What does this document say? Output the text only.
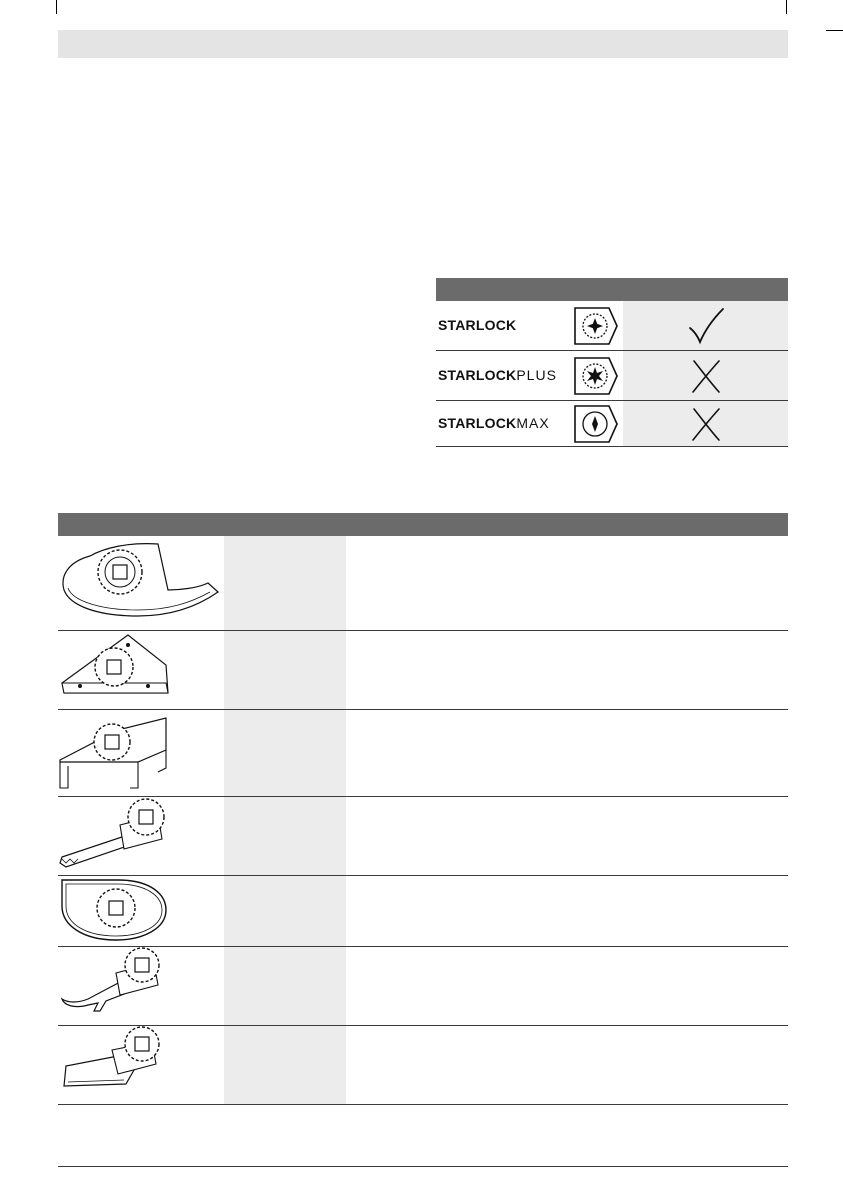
STARLOCK
STARLOCKPLUS
STARLOCKMAX
